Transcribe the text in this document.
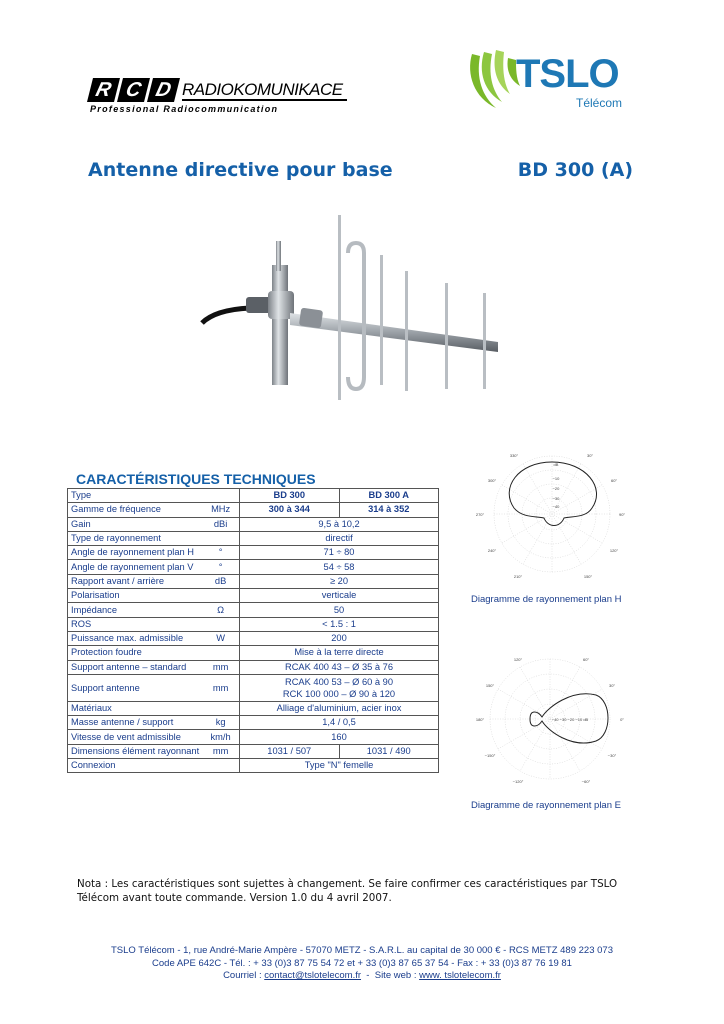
R C D RADIOKOMUNIKACE
Professional Radiocommunication
TSLO
Télécom
Antenne directive pour base	BD 300 (A)
CARACTÉRISTIQUES TECHNIQUES
Type		BD 300	BD 300 A
Gamme de fréquence	MHz	300 à 344	314 à 352
Gain	dBi	9,5 à 10,2	
Type de rayonnement		directif	
Angle de rayonnement plan H	°	71 ÷ 80	
Angle de rayonnement plan V	°	54 ÷ 58	
Rapport avant / arrière	dB	≥ 20	
Polarisation		verticale	
Impédance	Ω	50	
ROS		< 1.5 : 1	
Puissance max. admissible	W	200	
Protection foudre		Mise à la terre directe	
Support antenne – standard	mm	RCAK 400 43 – Ø 35 à 76	
Support antenne	mm	RCAK 400 53 – Ø 60 à 90
RCK 100 000 – Ø 90 à 120	
Matériaux		Alliage d'aluminium, acier inox	
Masse antenne / support	kg	1,4 / 0,5	
Vitesse de vent admissible	km/h	160	
Dimensions élément rayonnant	mm	1031 / 507	1031 / 490
Connexion		Type "N" femelle	
330°	30°
300°	60°
270°	90°
240°	120°
210°	150°
dB
−10
−20
−30
−40
Diagramme de rayonnement plan H
120°	60°
150°	30°
180°	0°
−150°	−30°
−120°	−60°
−40 −30 −20 −10 dB
Diagramme de rayonnement plan E
Nota : Les caractéristiques sont sujettes à changement. Se faire confirmer ces caractéristiques par TSLO Télécom avant toute commande. Version 1.0 du 4 avril 2007.
TSLO Télécom - 1, rue André-Marie Ampère - 57070 METZ - S.A.R.L. au capital de 30 000 € - RCS METZ 489 223 073
Code APE 642C - Tél. : + 33 (0)3 87 75 54 72 et + 33 (0)3 87 65 37 54 - Fax : + 33 (0)3 87 76 19 81
Courriel : contact@tslotelecom.fr  -  Site web : www. tslotelecom.fr
